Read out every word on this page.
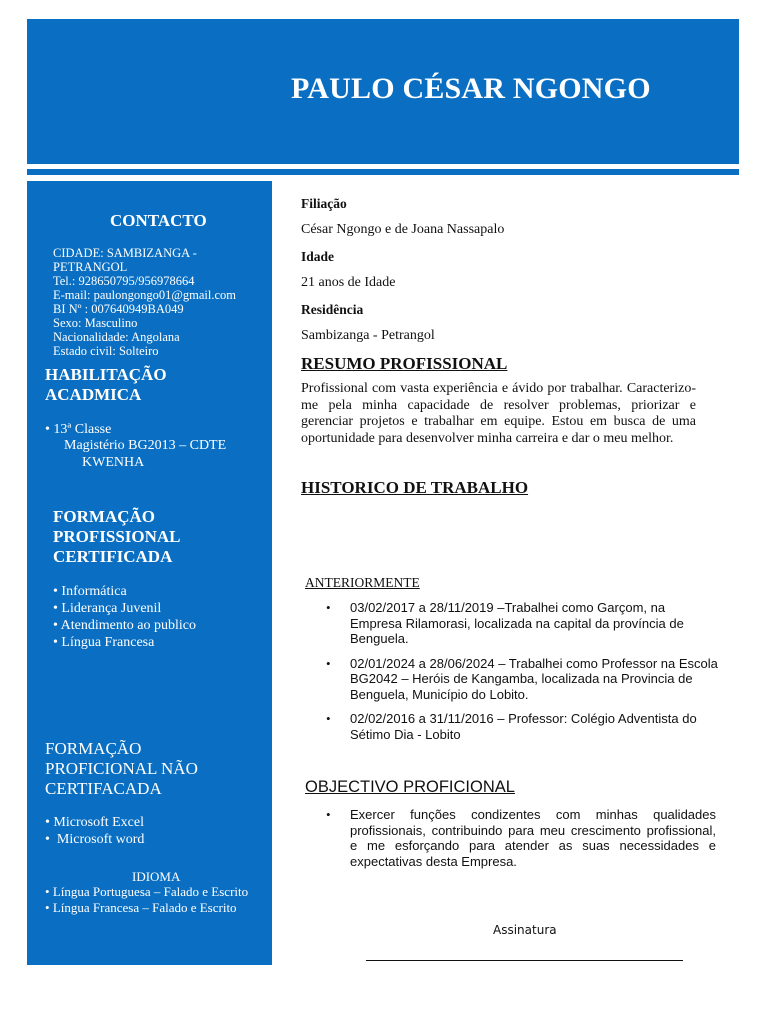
PAULO CÉSAR NGONGO
CONTACTO
CIDADE: SAMBIZANGA -
PETRANGOL
Tel.: 928650795/956978664
E-mail: paulongongo01@gmail.com
BI Nº : 007640949BA049
Sexo: Masculino
Nacionalidade: Angolana
Estado civil: Solteiro
HABILITAÇÃO
ACADMICA
• 13ª Classe
Magistério BG2013 – CDTE
KWENHA
FORMAÇÃO
PROFISSIONAL
CERTIFICADA
• Informática
• Liderança Juvenil
• Atendimento ao publico
• Língua Francesa
FORMAÇÃO
PROFICIONAL NÃO
CERTIFACADA
• Microsoft Excel
•  Microsoft word
IDIOMA
• Língua Portuguesa – Falado e Escrito
• Língua Francesa – Falado e Escrito
Filiação
César Ngongo e de Joana Nassapalo
Idade
21 anos de Idade
Residência
Sambizanga - Petrangol
RESUMO PROFISSIONAL
Profissional com vasta experiência e ávido por trabalhar. Caracterizo-me pela minha capacidade de resolver problemas, priorizar e gerenciar projetos e trabalhar em equipe. Estou em busca de uma oportunidade para desenvolver minha carreira e dar o meu melhor.
HISTORICO DE TRABALHO
ANTERIORMENTE
• 03/02/2017 a 28/11/2019 –Trabalhei como Garçom, na Empresa Rilamorasi, localizada na capital da província de Benguela.
• 02/01/2024 a 28/06/2024 – Trabalhei como Professor na Escola BG2042 – Heróis de Kangamba, localizada na Provincia de Benguela, Município do Lobito.
• 02/02/2016 a 31/11/2016 – Professor: Colégio Adventista do Sétimo Dia - Lobito
OBJECTIVO PROFICIONAL
• Exercer funções condizentes com minhas qualidades profissionais, contribuindo para meu crescimento profissional, e me esforçando para atender as suas necessidades e expectativas desta Empresa.
Assinatura
